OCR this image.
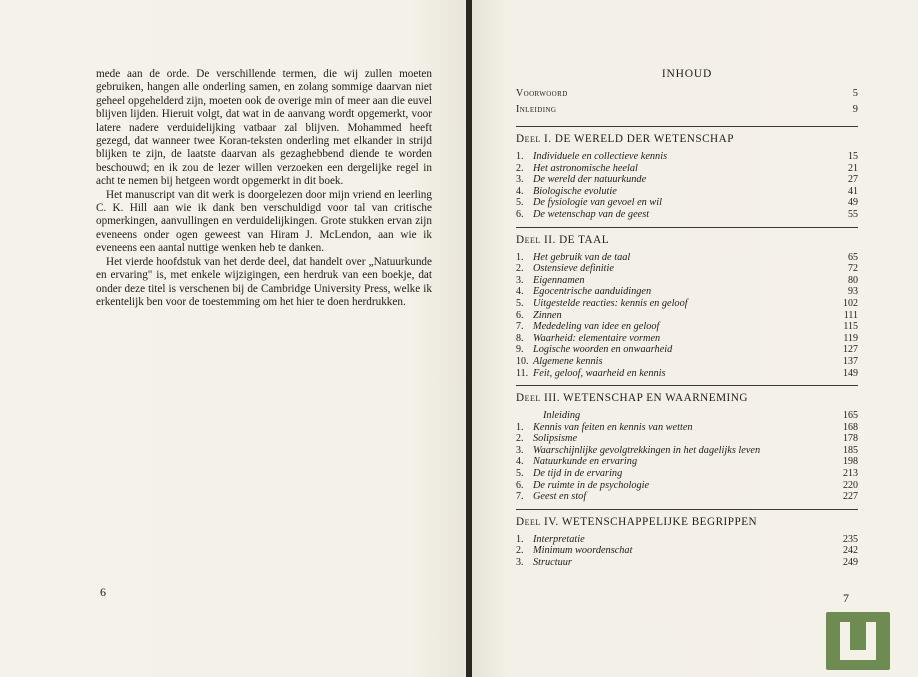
mede aan de orde. De verschillende termen, die wij zullen moeten gebruiken, hangen alle onderling samen, en zolang sommige daarvan niet geheel opgehelderd zijn, moeten ook de overige min of meer aan die euvel blijven lijden. Hieruit volgt, dat wat in de aanvang wordt opgemerkt, voor latere nadere verduidelijking vatbaar zal blijven. Mohammed heeft gezegd, dat wanneer twee Koran-teksten onderling met elkander in strijd blijken te zijn, de laatste daarvan als gezaghebbend diende te worden beschouwd; en ik zou de lezer willen verzoeken een dergelijke regel in acht te nemen bij hetgeen wordt opgemerkt in dit boek.

Het manuscript van dit werk is doorgelezen door mijn vriend en leerling C. K. Hill aan wie ik dank ben verschuldigd voor tal van critische opmerkingen, aanvullingen en verduidelijkingen. Grote stukken ervan zijn eveneens onder ogen geweest van Hiram J. McLendon, aan wie ik eveneens een aantal nuttige wenken heb te danken.

Het vierde hoofdstuk van het derde deel, dat handelt over „Natuurkunde en ervaring" is, met enkele wijzigingen, een herdruk van een boekje, dat onder deze titel is verschenen bij de Cambridge University Press, welke ik erkentelijk ben voor de toestemming om het hier te doen herdrukken.

6
INHOUD
Voorwoord	5
Inleiding	9
Deel I. DE WERELD DER WETENSCHAP
1. Individuele en collectieve kennis	15
2. Het astronomische heelal	21
3. De wereld der natuurkunde	27
4. Biologische evolutie	41
5. De fysiologie van gevoel en wil	49
6. De wetenschap van de geest	55
Deel II. DE TAAL
1. Het gebruik van de taal	65
2. Ostensieve definitie	72
3. Eigennamen	80
4. Egocentrische aanduidingen	93
5. Uitgestelde reacties: kennis en geloof	102
6. Zinnen	111
7. Mededeling van idee en geloof	115
8. Waarheid: elementaire vormen	119
9. Logische woorden en onwaarheid	127
10. Algemene kennis	137
11. Feit, geloof, waarheid en kennis	149
Deel III. WETENSCHAP EN WAARNEMING
Inleiding	165
1. Kennis van feiten en kennis van wetten	168
2. Solipsisme	178
3. Waarschijnlijke gevolgtrekkingen in het dagelijks leven	185
4. Natuurkunde en ervaring	198
5. De tijd in de ervaring	213
6. De ruimte in de psychologie	220
7. Geest en stof	227
Deel IV. WETENSCHAPPELIJKE BEGRIPPEN
1. Interpretatie	235
2. Minimum woordenschat	242
3. Structuur	249
7
